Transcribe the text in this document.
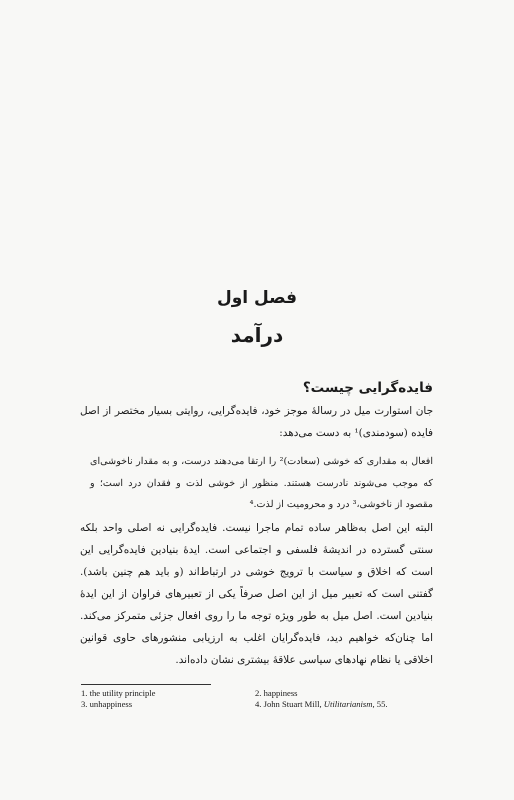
فصل اول
درآمد
فایده‌گرایی چیست؟
جان استوارت میل در رسالهٔ موجز خود، فایده‌گرایی، روایتی بسیار مختصر از اصل فایده (سودمندی)¹ به دست می‌دهد:
افعال به مقداری که خوشی (سعادت)² را ارتقا می‌دهند درست، و به مقدار ناخوشی‌ای که موجب می‌شوند نادرست هستند. منظور از خوشی لذت و فقدان درد است؛ و مقصود از ناخوشی،³ درد و محرومیت از لذت.⁴
البته این اصل به‌ظاهر ساده تمام ماجرا نیست. فایده‌گرایی نه اصلی واحد بلکه سنتی گسترده در اندیشهٔ فلسفی و اجتماعی است. ایدهٔ بنیادین فایده‌گرایی این است که اخلاق و سیاست با ترویج خوشی در ارتباط‌اند (و باید هم چنین باشد). گفتنی است که تعبیر میل از این اصل صرفاً یکی از تعبیرهای فراوان از این ایدهٔ بنیادین است. اصل میل به طور ویژه توجه ما را روی افعال جزئی متمرکز می‌کند. اما چنان‌که خواهیم دید، فایده‌گرایان اغلب به ارزیابی منشورهای حاوی قوانین اخلاقی یا نظام نهادهای سیاسی علاقهٔ بیشتری نشان داده‌اند.
1. the utility principle	2. happiness
3. unhappiness	4. John Stuart Mill, Utilitarianism, 55.
